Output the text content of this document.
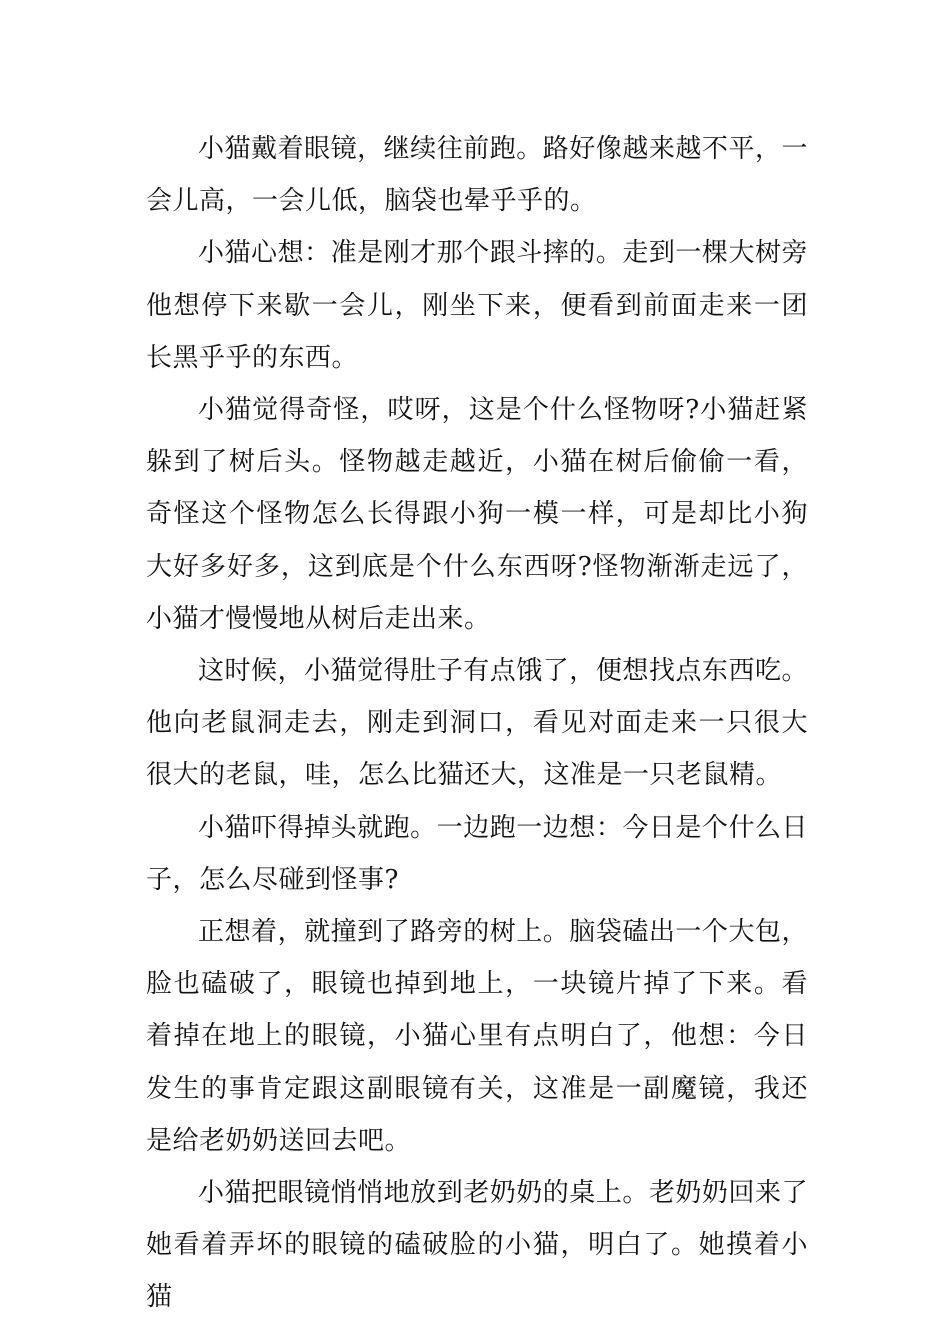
小猫戴着眼镜，继续往前跑。路好像越来越不平，一会儿高，一会儿低，脑袋也晕乎乎的。

小猫心想：准是刚才那个跟斗摔的。走到一棵大树旁他想停下来歇一会儿，刚坐下来，便看到前面走来一团长黑乎乎的东西。

小猫觉得奇怪，哎呀，这是个什么怪物呀?小猫赶紧躲到了树后头。怪物越走越近，小猫在树后偷偷一看，奇怪这个怪物怎么长得跟小狗一模一样，可是却比小狗大好多好多，这到底是个什么东西呀?怪物渐渐走远了，小猫才慢慢地从树后走出来。

这时候，小猫觉得肚子有点饿了，便想找点东西吃。他向老鼠洞走去，刚走到洞口，看见对面走来一只很大很大的老鼠，哇，怎么比猫还大，这准是一只老鼠精。

小猫吓得掉头就跑。一边跑一边想：今日是个什么日子，怎么尽碰到怪事?

正想着，就撞到了路旁的树上。脑袋磕出一个大包，脸也磕破了，眼镜也掉到地上，一块镜片掉了下来。看着掉在地上的眼镜，小猫心里有点明白了，他想：今日发生的事肯定跟这副眼镜有关，这准是一副魔镜，我还是给老奶奶送回去吧。

小猫把眼镜悄悄地放到老奶奶的桌上。老奶奶回来了她看着弄坏的眼镜的磕破脸的小猫，明白了。她摸着小猫
